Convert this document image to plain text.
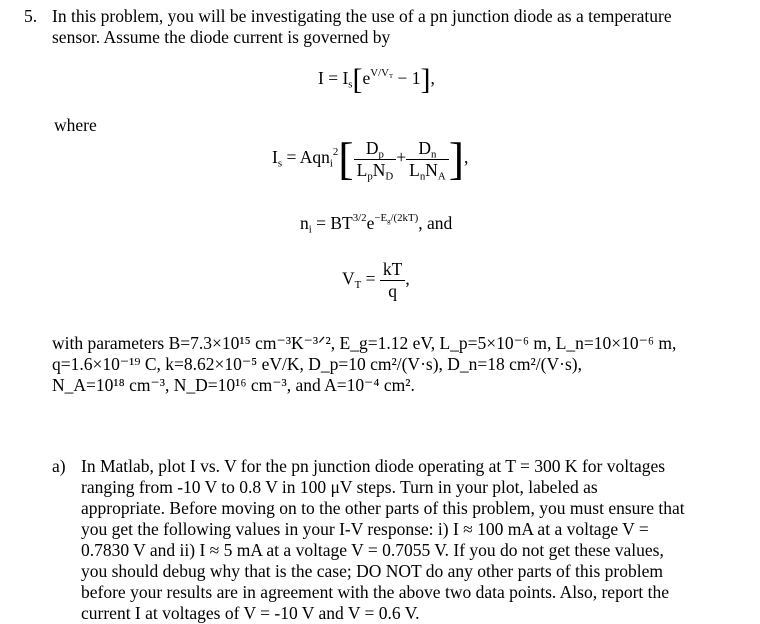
5. In this problem, you will be investigating the use of a pn junction diode as a temperature
sensor. Assume the diode current is governed by
$I = I_s[e^{V/V_T} - 1]$,
where
$I_s = Aqn_i^2[ \frac{D_p}{L_pN_D} + \frac{D_n}{L_nN_A}$ ],
$n_i = BT^{3/2}e^{-E_g/(2kT)}$, and
$V_T = \frac{kT}{q}$ ,
with parameters B=7.3×10¹⁵ cm⁻³K⁻³ᐟ², E_g=1.12 eV, L_p=5×10⁻⁶ m, L_n=10×10⁻⁶ m,
q=1.6×10⁻¹⁹ C, k=8.62×10⁻⁵ eV/K, D_p=10 cm²/(V·s), D_n=18 cm²/(V·s),
N_A=10¹⁸ cm⁻³, N_D=10¹⁶ cm⁻³, and A=10⁻⁴ cm².
a) In Matlab, plot I vs. V for the pn junction diode operating at T = 300 K for voltages
ranging from -10 V to 0.8 V in 100 μV steps. Turn in your plot, labeled as
appropriate. Before moving on to the other parts of this problem, you must ensure that
you get the following values in your I-V response: i) I ≈ 100 mA at a voltage V =
0.7830 V and ii) I ≈ 5 mA at a voltage V = 0.7055 V. If you do not get these values,
you should debug why that is the case; DO NOT do any other parts of this problem
before your results are in agreement with the above two data points. Also, report the
current I at voltages of V = -10 V and V = 0.6 V.
